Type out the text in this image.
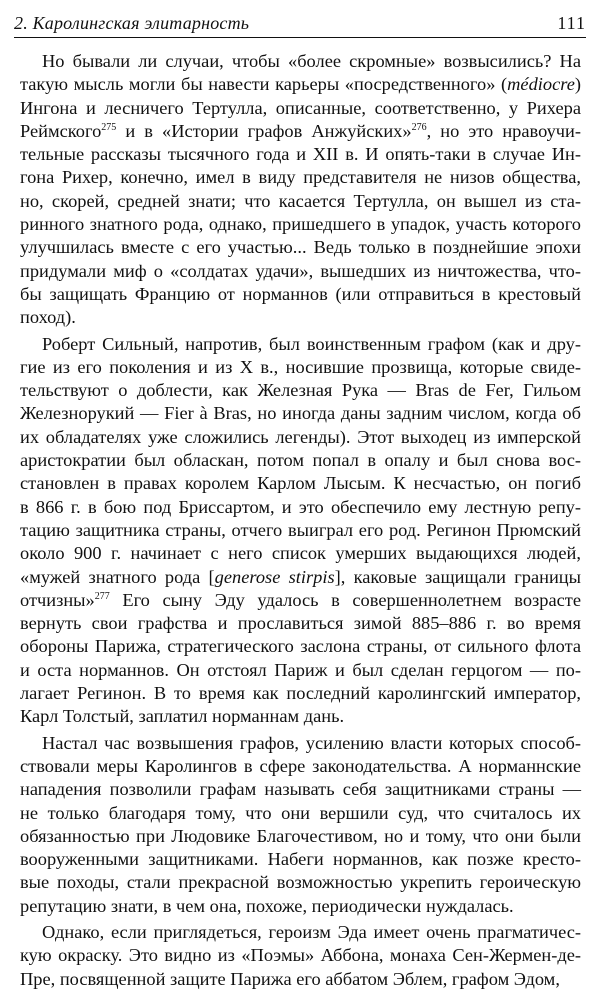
2. Каролингская элитарность	111
Но бывали ли случаи, чтобы «более скромные» возвысились? На
такую мысль могли бы навести карьеры «посредственного» (médiocre)
Ингона и лесничего Тертулла, описанные, соответственно, у Рихера
Реймского$^{275}$ и в «Истории графов Анжуйских»$^{276}$, но это нравоучи-
тельные рассказы тысячного года и XII в. И опять-таки в случае Ин-
гона Рихер, конечно, имел в виду представителя не низов общества,
но, скорей, средней знати; что касается Тертулла, он вышел из ста-
ринного знатного рода, однако, пришедшего в упадок, участь которого
улучшилась вместе с его участью... Ведь только в позднейшие эпохи
придумали миф о «солдатах удачи», вышедших из ничтожества, что-
бы защищать Францию от норманнов (или отправиться в крестовый
поход).
Роберт Сильный, напротив, был воинственным графом (как и дру-
гие из его поколения и из X в., носившие прозвища, которые свиде-
тельствуют о доблести, как Железная Рука — Bras de Fer, Гильом
Железнорукий — Fier à Bras, но иногда даны задним числом, когда об
их обладателях уже сложились легенды). Этот выходец из имперской
аристократии был обласкан, потом попал в опалу и был снова вос-
становлен в правах королем Карлом Лысым. К несчастью, он погиб
в 866 г. в бою под Бриссартом, и это обеспечило ему лестную репу-
тацию защитника страны, отчего выиграл его род. Регинон Прюмский
около 900 г. начинает с него список умерших выдающихся людей,
«мужей знатного рода [generose stirpis], каковые защищали границы
отчизны»$^{277}$ Его сыну Эду удалось в совершеннолетнем возрасте
вернуть свои графства и прославиться зимой 885–886 г. во время
обороны Парижа, стратегического заслона страны, от сильного флота
и оста норманнов. Он отстоял Париж и был сделан герцогом — по-
лагает Регинон. В то время как последний каролингский император,
Карл Толстый, заплатил норманнам дань.
Настал час возвышения графов, усилению власти которых способ-
ствовали меры Каролингов в сфере законодательства. А норманнские
нападения позволили графам называть себя защитниками страны —
не только благодаря тому, что они вершили суд, что считалось их
обязанностью при Людовике Благочестивом, но и тому, что они были
вооруженными защитниками. Набеги норманнов, как позже кресто-
вые походы, стали прекрасной возможностью укрепить героическую
репутацию знати, в чем она, похоже, периодически нуждалась.
Однако, если приглядеться, героизм Эда имеет очень прагматичес-
кую окраску. Это видно из «Поэмы» Аббона, монаха Сен-Жермен-де-
Пре, посвященной защите Парижа его аббатом Эблем, графом Эдом,
